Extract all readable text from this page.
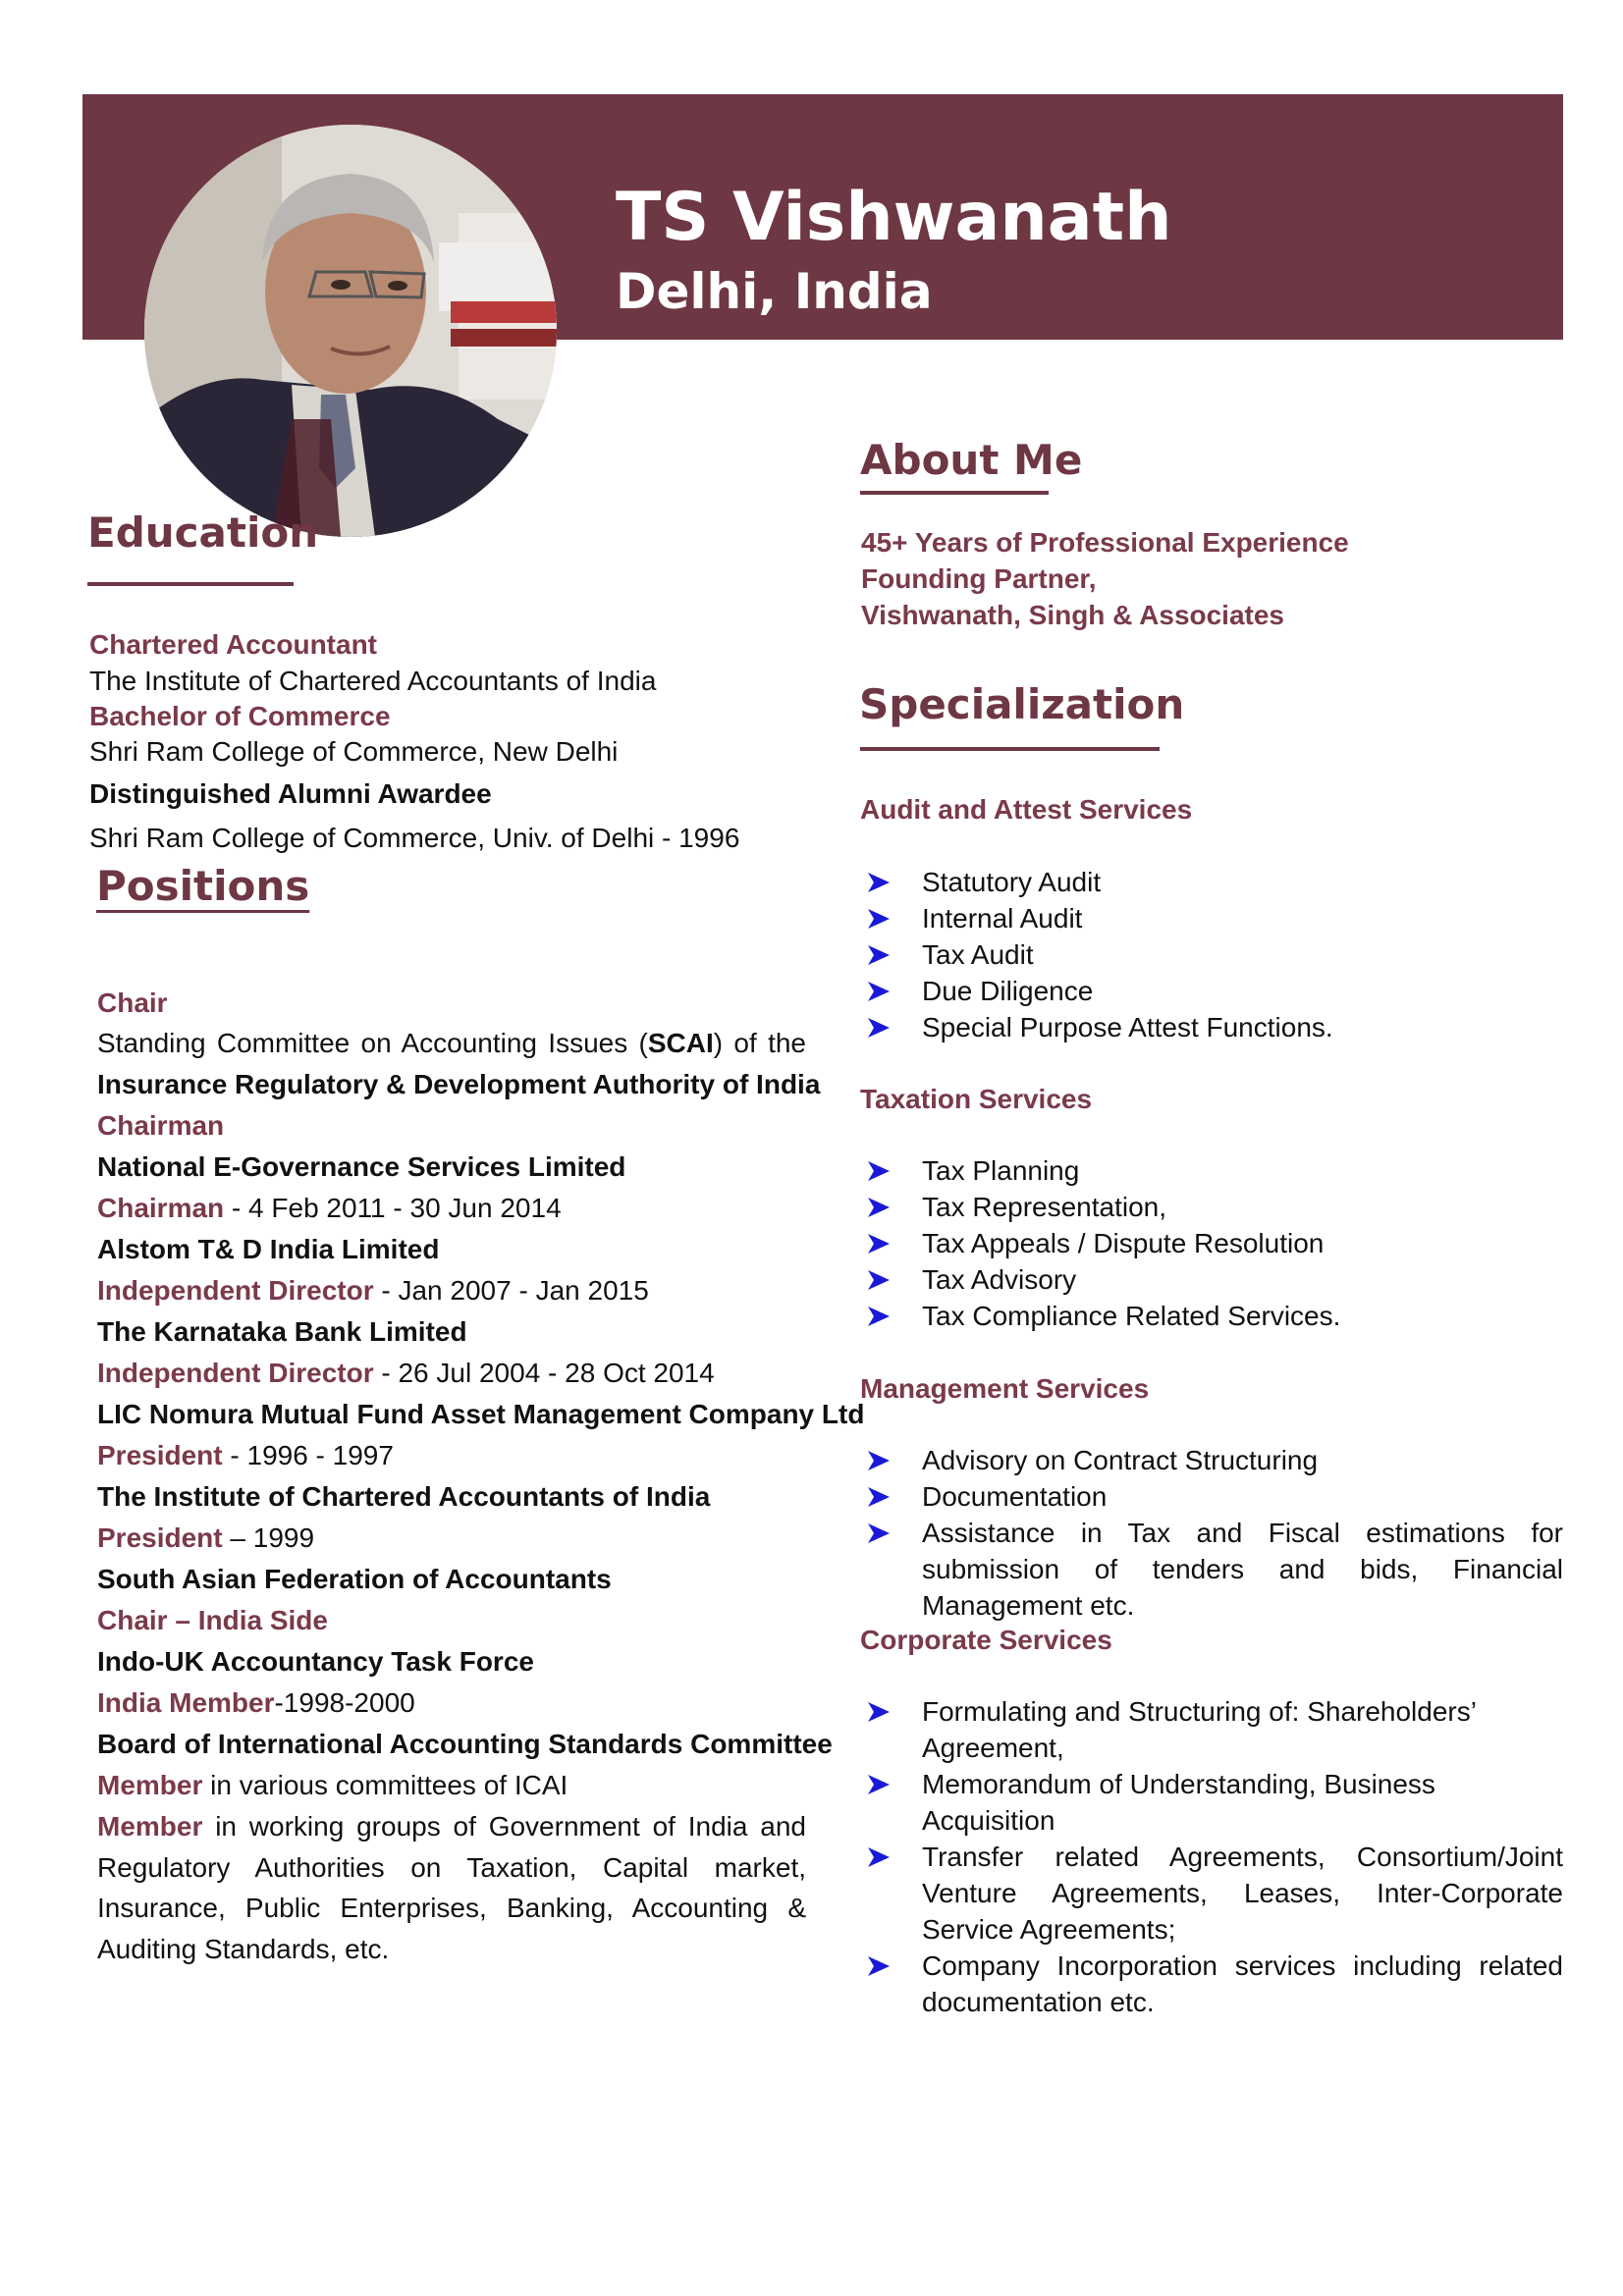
TS Vishwanath
Delhi, India
Education
Chartered Accountant
The Institute of Chartered Accountants of India
Bachelor of Commerce
Shri Ram College of Commerce, New Delhi
Distinguished Alumni Awardee
Shri Ram College of Commerce, Univ. of Delhi - 1996
Positions
Chair
Standing Committee on Accounting Issues (SCAI) of the
Insurance Regulatory & Development Authority of India
Chairman
National E-Governance Services Limited
Chairman - 4 Feb 2011 - 30 Jun 2014
Alstom T& D India Limited
Independent Director - Jan 2007 - Jan 2015
The Karnataka Bank Limited
Independent Director - 26 Jul 2004 - 28 Oct 2014
LIC Nomura Mutual Fund Asset Management Company Ltd
President - 1996 - 1997
The Institute of Chartered Accountants of India
President – 1999
South Asian Federation of Accountants
Chair – India Side
Indo-UK Accountancy Task Force
India Member-1998-2000
Board of International Accounting Standards Committee
Member in various committees of ICAI
Member in working groups of Government of India and Regulatory Authorities on Taxation, Capital market, Insurance, Public Enterprises, Banking, Accounting & Auditing Standards, etc.
About Me
45+ Years of Professional Experience
Founding Partner,
Vishwanath, Singh & Associates
Specialization
Audit and Attest Services
Statutory Audit
Internal Audit
Tax Audit
Due Diligence
Special Purpose Attest Functions.
Taxation Services
Tax Planning
Tax Representation,
Tax Appeals / Dispute Resolution
Tax Advisory
Tax Compliance Related Services.
Management Services
Advisory on Contract Structuring
Documentation
Assistance in Tax and Fiscal estimations for submission of tenders and bids, Financial Management etc.
Corporate Services
Formulating and Structuring of: Shareholders’ Agreement,
Memorandum of Understanding, Business Acquisition
Transfer related Agreements, Consortium/Joint Venture Agreements, Leases, Inter-Corporate Service Agreements;
Company Incorporation services including related documentation etc.
